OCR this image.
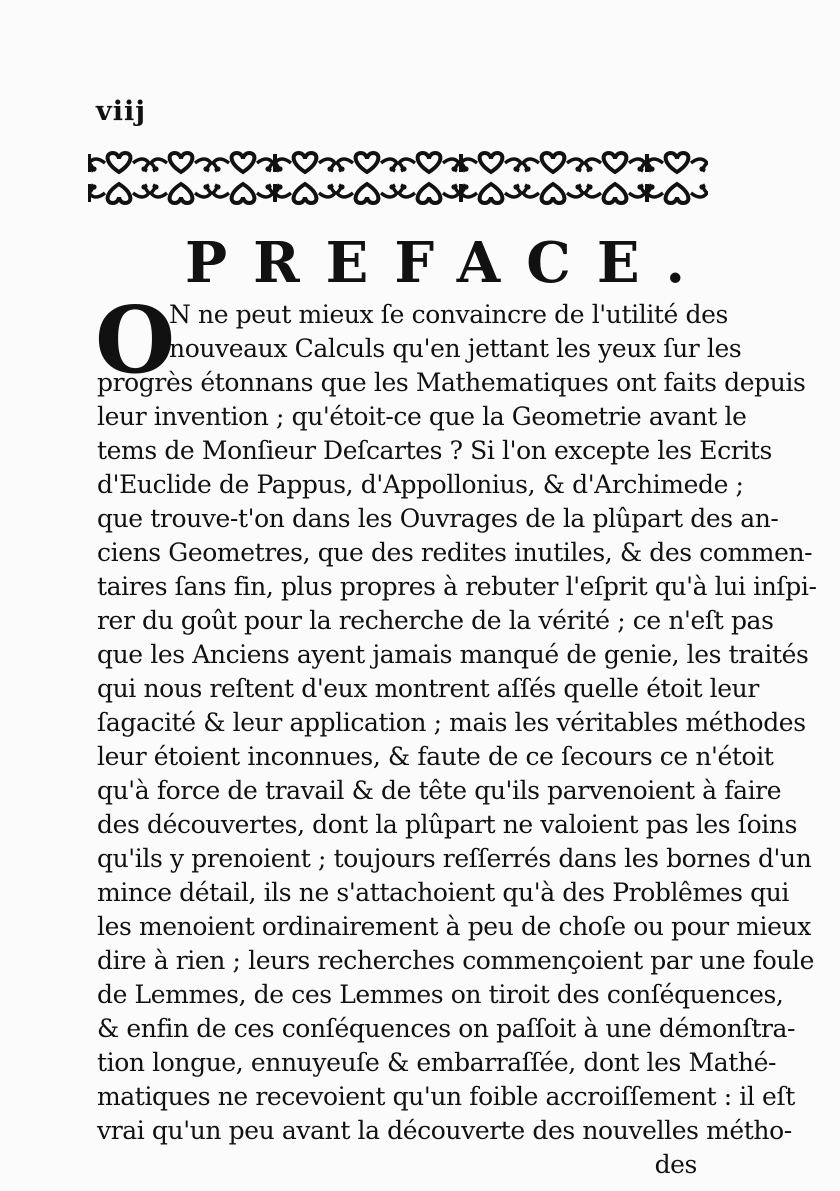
viij
PREFACE.
O
N ne peut mieux ſe convaincre de l'utilité des
nouveaux Calculs qu'en jettant les yeux ſur les
progrès étonnans que les Mathematiques ont faits depuis
leur invention ; qu'étoit-ce que la Geometrie avant le
tems de Monſieur Deſcartes ? Si l'on excepte les Ecrits
d'Euclide de Pappus, d'Appollonius, & d'Archimede ;
que trouve-t'on dans les Ouvrages de la plûpart des an-
ciens Geometres, que des redites inutiles, & des commen-
taires ſans fin, plus propres à rebuter l'eſprit qu'à lui inſpi-
rer du goût pour la recherche de la vérité ; ce n'eſt pas
que les Anciens ayent jamais manqué de genie, les traités
qui nous reſtent d'eux montrent aſſés quelle étoit leur
ſagacité & leur application ; mais les véritables méthodes
leur étoient inconnues, & faute de ce ſecours ce n'étoit
qu'à force de travail & de tête qu'ils parvenoient à faire
des découvertes, dont la plûpart ne valoient pas les ſoins
qu'ils y prenoient ; toujours reſſerrés dans les bornes d'un
mince détail, ils ne s'attachoient qu'à des Problêmes qui
les menoient ordinairement à peu de choſe ou pour mieux
dire à rien ; leurs recherches commençoient par une foule
de Lemmes, de ces Lemmes on tiroit des conſéquences,
& enfin de ces conſéquences on paſſoit à une démonſtra-
tion longue, ennuyeuſe & embarraſſée, dont les Mathé-
matiques ne recevoient qu'un foible accroiſſement : il eſt
vrai qu'un peu avant la découverte des nouvelles métho-
des
